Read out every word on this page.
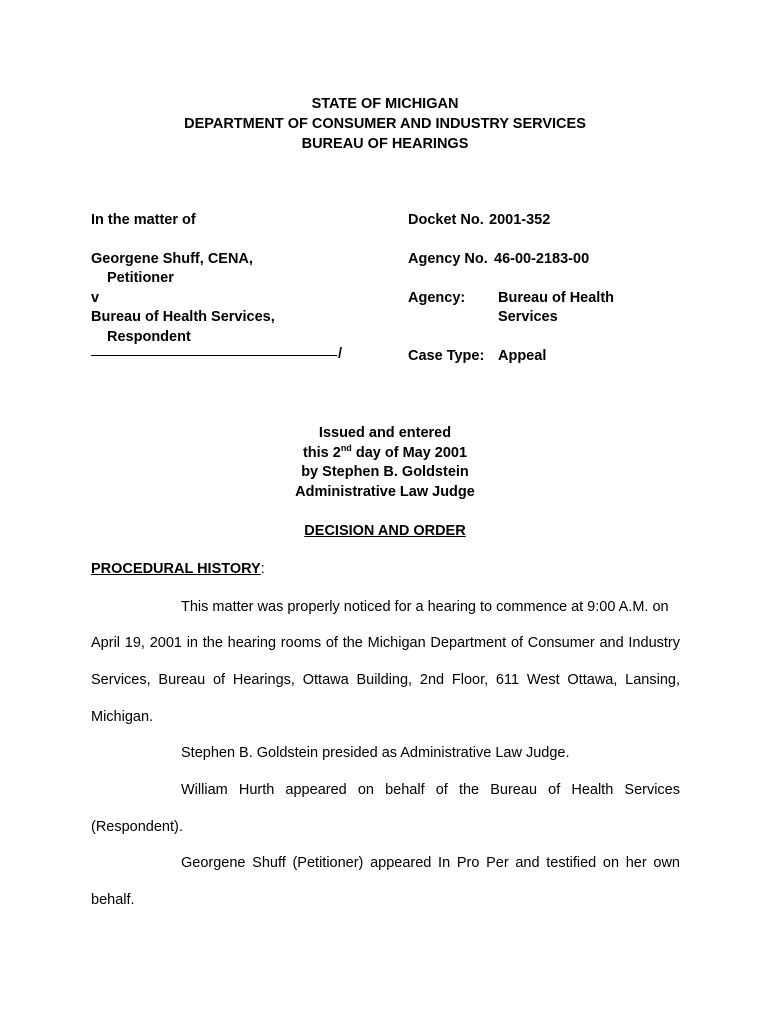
STATE OF MICHIGAN
DEPARTMENT OF CONSUMER AND INDUSTRY SERVICES
BUREAU OF HEARINGS
In the matter of
Georgene Shuff, CENA,
Petitioner
v
Bureau of Health Services,
Respondent
/
Docket No. 2001-352
Agency No. 46-00-2183-00
Agency: Bureau of Health
Services
Case Type: Appeal
Issued and entered
this 2nd day of May 2001
by Stephen B. Goldstein
Administrative Law Judge
DECISION AND ORDER
PROCEDURAL HISTORY:
This matter was properly noticed for a hearing to commence at 9:00 A.M. on
April 19, 2001 in the hearing rooms of the Michigan Department of Consumer and Industry
Services, Bureau of Hearings, Ottawa Building, 2nd Floor, 611 West Ottawa, Lansing,
Michigan.
Stephen B. Goldstein presided as Administrative Law Judge.
William Hurth appeared on behalf of the Bureau of Health Services
(Respondent).
Georgene Shuff (Petitioner) appeared In Pro Per and testified on her own
behalf.
